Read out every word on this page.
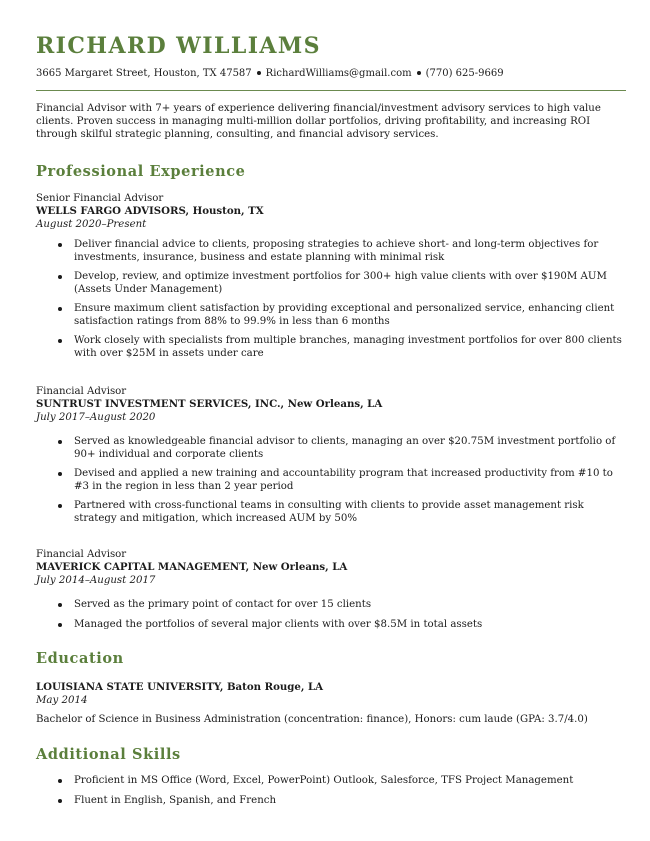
RICHARD WILLIAMS
3665 Margaret Street, Houston, TX 47587 RichardWilliams@gmail.com (770) 625-9669
Financial Advisor with 7+ years of experience delivering financial/investment advisory services to high value clients. Proven success in managing multi-million dollar portfolios, driving profitability, and increasing ROI through skilful strategic planning, consulting, and financial advisory services.
Professional Experience
Senior Financial Advisor
WELLS FARGO ADVISORS, Houston, TX
August 2020–Present
Deliver financial advice to clients, proposing strategies to achieve short- and long-term objectives for investments, insurance, business and estate planning with minimal risk
Develop, review, and optimize investment portfolios for 300+ high value clients with over $190M AUM (Assets Under Management)
Ensure maximum client satisfaction by providing exceptional and personalized service, enhancing client satisfaction ratings from 88% to 99.9% in less than 6 months
Work closely with specialists from multiple branches, managing investment portfolios for over 800 clients with over $25M in assets under care
Financial Advisor
SUNTRUST INVESTMENT SERVICES, INC., New Orleans, LA
July 2017–August 2020
Served as knowledgeable financial advisor to clients, managing an over $20.75M investment portfolio of 90+ individual and corporate clients
Devised and applied a new training and accountability program that increased productivity from #10 to #3 in the region in less than 2 year period
Partnered with cross-functional teams in consulting with clients to provide asset management risk strategy and mitigation, which increased AUM by 50%
Financial Advisor
MAVERICK CAPITAL MANAGEMENT, New Orleans, LA
July 2014–August 2017
Served as the primary point of contact for over 15 clients
Managed the portfolios of several major clients with over $8.5M in total assets
Education
LOUISIANA STATE UNIVERSITY, Baton Rouge, LA
May 2014
Bachelor of Science in Business Administration (concentration: finance), Honors: cum laude (GPA: 3.7/4.0)
Additional Skills
Proficient in MS Office (Word, Excel, PowerPoint) Outlook, Salesforce, TFS Project Management
Fluent in English, Spanish, and French
